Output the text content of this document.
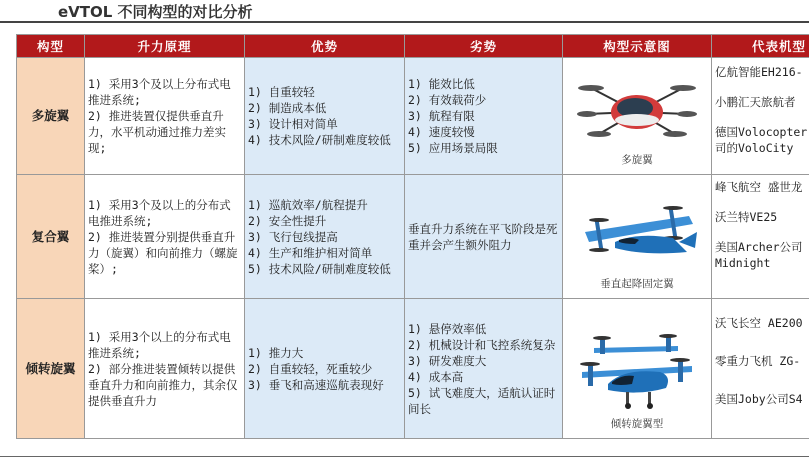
eVTOL 不同构型的对比分析
构型	升力原理	优势	劣势	构型示意图	代表机型
多旋翼	1) 采用3个及以上分布式电推进系统;
2) 推进装置仅提供垂直升力，水平机动通过推力差实现;	1) 自重较轻
2) 制造成本低
3) 设计相对简单
4) 技术风险/研制难度较低	1) 能效比低
2) 有效载荷少
3) 航程有限
4) 速度较慢
5) 应用场景局限	多旋翼	亿航智能EH216-
小鹏汇天旅航者
德国Volocopter
司的VoloCity

复合翼	1) 采用3个及以上的分布式电推进系统;
2) 推进装置分别提供垂直升力（旋翼）和向前推力（螺旋桨）;	1) 巡航效率/航程提升
2) 安全性提升
3) 飞行包线提高
4) 生产和维护相对简单
5) 技术风险/研制难度较低	垂直升力系统在平飞阶段是死重并会产生额外阻力	垂直起降固定翼	峰飞航空 盛世龙
沃兰特VE25
美国Archer公司
Midnight

倾转旋翼	1) 采用3个以上的分布式电推进系统;
2) 部分推进装置倾转以提供垂直升力和向前推力，其余仅提供垂直升力	1) 推力大
2) 自重较轻，死重较少
3) 垂飞和高速巡航表现好	1) 悬停效率低
2) 机械设计和飞控系统复杂
3) 研发难度大
4) 成本高
5) 试飞难度大，适航认证时间长	倾转旋翼型	沃飞长空 AE200
零重力飞机 ZG-
美国Joby公司S4
